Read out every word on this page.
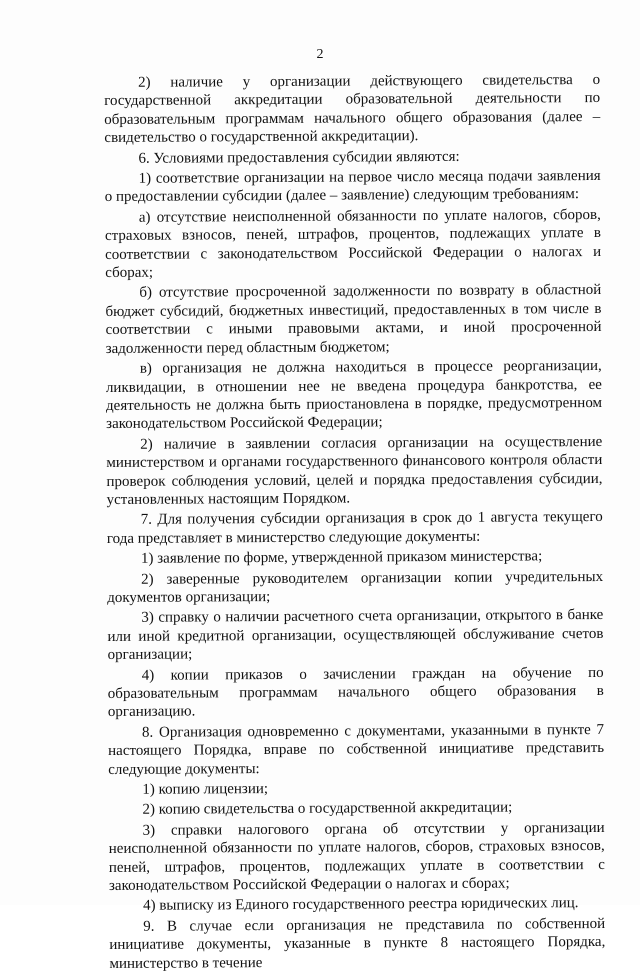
2

2) наличие у организации действующего свидетельства о государственной аккредитации образовательной деятельности по образовательным программам начального общего образования (далее – свидетельство о государственной аккредитации).

6. Условиями предоставления субсидии являются:

1) соответствие организации на первое число месяца подачи заявления о предоставлении субсидии (далее – заявление) следующим требованиям:

а) отсутствие неисполненной обязанности по уплате налогов, сборов, страховых взносов, пеней, штрафов, процентов, подлежащих уплате в соответствии с законодательством Российской Федерации о налогах и сборах;

б) отсутствие просроченной задолженности по возврату в областной бюджет субсидий, бюджетных инвестиций, предоставленных в том числе в соответствии с иными правовыми актами, и иной просроченной задолженности перед областным бюджетом;

в) организация не должна находиться в процессе реорганизации, ликвидации, в отношении нее не введена процедура банкротства, ее деятельность не должна быть приостановлена в порядке, предусмотренном законодательством Российской Федерации;

2) наличие в заявлении согласия организации на осуществление министерством и органами государственного финансового контроля области проверок соблюдения условий, целей и порядка предоставления субсидии, установленных настоящим Порядком.

7. Для получения субсидии организация в срок до 1 августа текущего года представляет в министерство следующие документы:

1) заявление по форме, утвержденной приказом министерства;

2) заверенные руководителем организации копии учредительных документов организации;

3) справку о наличии расчетного счета организации, открытого в банке или иной кредитной организации, осуществляющей обслуживание счетов организации;

4) копии приказов о зачислении граждан на обучение по образовательным программам начального общего образования в организацию.

8. Организация одновременно с документами, указанными в пункте 7 настоящего Порядка, вправе по собственной инициативе представить следующие документы:

1) копию лицензии;

2) копию свидетельства о государственной аккредитации;

3) справки налогового органа об отсутствии у организации неисполненной обязанности по уплате налогов, сборов, страховых взносов, пеней, штрафов, процентов, подлежащих уплате в соответствии с законодательством Российской Федерации о налогах и сборах;

4) выписку из Единого государственного реестра юридических лиц.

9. В случае если организация не представила по собственной инициативе документы, указанные в пункте 8 настоящего Порядка, министерство в течение
